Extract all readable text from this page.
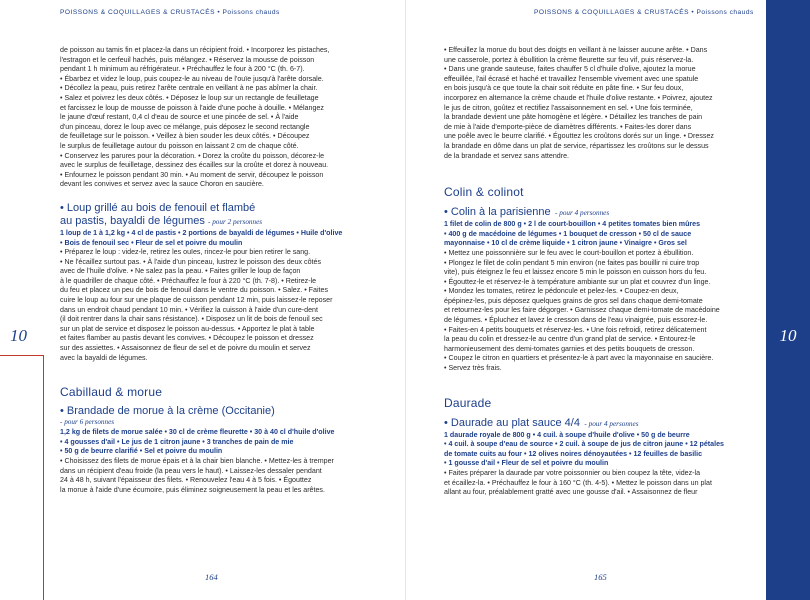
POISSONS & COQUILLAGES & CRUSTACÉS • Poissons chauds
10

de poisson au tamis fin et placez-la dans un récipient froid. • Incorporez les pistaches,

l'estragon et le cerfeuil hachés, puis mélangez. • Réservez la mousse de poisson

pendant 1 h minimum au réfrigérateur. • Préchauffez le four à 200 °C (th. 6-7).

• Ébarbez et videz le loup, puis coupez-le au niveau de l'ouïe jusqu'à l'arête dorsale.

• Décollez la peau, puis retirez l'arête centrale en veillant à ne pas abîmer la chair.

• Salez et poivrez les deux côtés. • Déposez le loup sur un rectangle de feuilletage

et farcissez le loup de mousse de poisson à l'aide d'une poche à douille. • Mélangez

le jaune d'œuf restant, 0,4 cl d'eau de source et une pincée de sel. • À l'aide

d'un pinceau, dorez le loup avec ce mélange, puis déposez le second rectangle

de feuilletage sur le poisson. • Veillez à bien souder les deux côtés. • Découpez

le surplus de feuilletage autour du poisson en laissant 2 cm de chaque côté.

• Conservez les parures pour la décoration. • Dorez la croûte du poisson, décorez-le

avec le surplus de feuilletage, dessinez des écailles sur la croûte et dorez à nouveau.

• Enfournez le poisson pendant 30 min. • Au moment de servir, découpez le poisson

devant les convives et servez avec la sauce Choron en saucière.

• Loup grillé au bois de fenouil et flambé
au pastis, bayaldi de légumes - pour 2 personnes

1 loup de 1 à 1,2 kg • 4 cl de pastis • 2 portions de bayaldi de légumes • Huile d'olive

• Bois de fenouil sec • Fleur de sel et poivre du moulin

• Préparez le loup : videz-le, retirez les ouïes, rincez-le pour bien retirer le sang.

• Ne l'écaillez surtout pas. • À l'aide d'un pinceau, lustrez le poisson des deux côtés

avec de l'huile d'olive. • Ne salez pas la peau. • Faites griller le loup de façon

à le quadriller de chaque côté. • Préchauffez le four à 220 °C (th. 7-8). • Retirez-le

du feu et placez un peu de bois de fenouil dans le ventre du poisson. • Salez. • Faites

cuire le loup au four sur une plaque de cuisson pendant 12 min, puis laissez-le reposer

dans un endroit chaud pendant 10 min. • Vérifiez la cuisson à l'aide d'un cure-dent

(il doit rentrer dans la chair sans résistance). • Disposez un lit de bois de fenouil sec

sur un plat de service et disposez le poisson au-dessus. • Apportez le plat à table

et faites flamber au pastis devant les convives. • Découpez le poisson et dressez

sur des assiettes. • Assaisonnez de fleur de sel et de poivre du moulin et servez

avec la bayaldi de légumes.

Cabillaud & morue
• Brandade de morue à la crème (Occitanie)

- pour 6 personnes

1,2 kg de filets de morue salée • 30 cl de crème fleurette • 30 à 40 cl d'huile d'olive

• 4 gousses d'ail • Le jus de 1 citron jaune • 3 tranches de pain de mie

• 50 g de beurre clarifié • Sel et poivre du moulin

• Choisissez des filets de morue épais et à la chair bien blanche. • Mettez-les à tremper

dans un récipient d'eau froide (la peau vers le haut). • Laissez-les dessaler pendant

24 à 48 h, suivant l'épaisseur des filets. • Renouvelez l'eau 4 à 5 fois. • Égouttez

la morue à l'aide d'une écumoire, puis éliminez soigneusement la peau et les arêtes.

164
POISSONS & COQUILLAGES & CRUSTACÉS • Poissons chauds

• Effeuillez la morue du bout des doigts en veillant à ne laisser aucune arête. • Dans

une casserole, portez à ébullition la crème fleurette sur feu vif, puis réservez-la.

• Dans une grande sauteuse, faites chauffer 5 cl d'huile d'olive, ajoutez la morue

effeuillée, l'ail écrasé et haché et travaillez l'ensemble vivement avec une spatule

en bois jusqu'à ce que toute la chair soit réduite en pâte fine. • Sur feu doux,

incorporez en alternance la crème chaude et l'huile d'olive restante. • Poivrez, ajoutez

le jus de citron, goûtez et rectifiez l'assaisonnement en sel. • Une fois terminée,

la brandade devient une pâte homogène et légère. • Détaillez les tranches de pain

de mie à l'aide d'emporte-pièce de diamètres différents. • Faites-les dorer dans

une poêle avec le beurre clarifié. • Égouttez les croûtons dorés sur un linge. • Dressez

la brandade en dôme dans un plat de service, répartissez les croûtons sur le dessus

de la brandade et servez sans attendre.

Colin & colinot
• Colin à la parisienne - pour 4 personnes

1 filet de colin de 800 g • 2 l de court-bouillon • 4 petites tomates bien mûres

• 400 g de macédoine de légumes • 1 bouquet de cresson • 50 cl de sauce

mayonnaise • 10 cl de crème liquide • 1 citron jaune • Vinaigre • Gros sel

• Mettez une poissonnière sur le feu avec le court-bouillon et portez à ébullition.

• Plongez le filet de colin pendant 5 min environ (ne faites pas bouillir ni cuire trop

vite), puis éteignez le feu et laissez encore 5 min le poisson en cuisson hors du feu.

• Égouttez-le et réservez-le à température ambiante sur un plat et couvrez d'un linge.

• Mondez les tomates, retirez le pédoncule et pelez-les. • Coupez-en deux,

épépinez-les, puis déposez quelques grains de gros sel dans chaque demi-tomate

et retournez-les pour les faire dégorger. • Garnissez chaque demi-tomate de macédoine

de légumes. • Épluchez et lavez le cresson dans de l'eau vinaigrée, puis essorez-le.

• Faites-en 4 petits bouquets et réservez-les. • Une fois refroidi, retirez délicatement

la peau du colin et dressez-le au centre d'un grand plat de service. • Entourez-le

harmonieusement des demi-tomates garnies et des petits bouquets de cresson.

• Coupez le citron en quartiers et présentez-le à part avec la mayonnaise en saucière.

• Servez très frais.

Daurade
• Daurade au plat sauce 4/4 - pour 4 personnes

1 daurade royale de 800 g • 4 cuil. à soupe d'huile d'olive • 50 g de beurre

• 4 cuil. à soupe d'eau de source • 2 cuil. à soupe de jus de citron jaune • 12 pétales

de tomate cuits au four • 12 olives noires dénoyautées • 12 feuilles de basilic

• 1 gousse d'ail • Fleur de sel et poivre du moulin

• Faites préparer la daurade par votre poissonnier ou bien coupez la tête, videz-la

et écaillez-la. • Préchauffez le four à 160 °C (th. 4-5). • Mettez le poisson dans un plat

allant au four, préalablement gratté avec une gousse d'ail. • Assaisonnez de fleur

165
10
